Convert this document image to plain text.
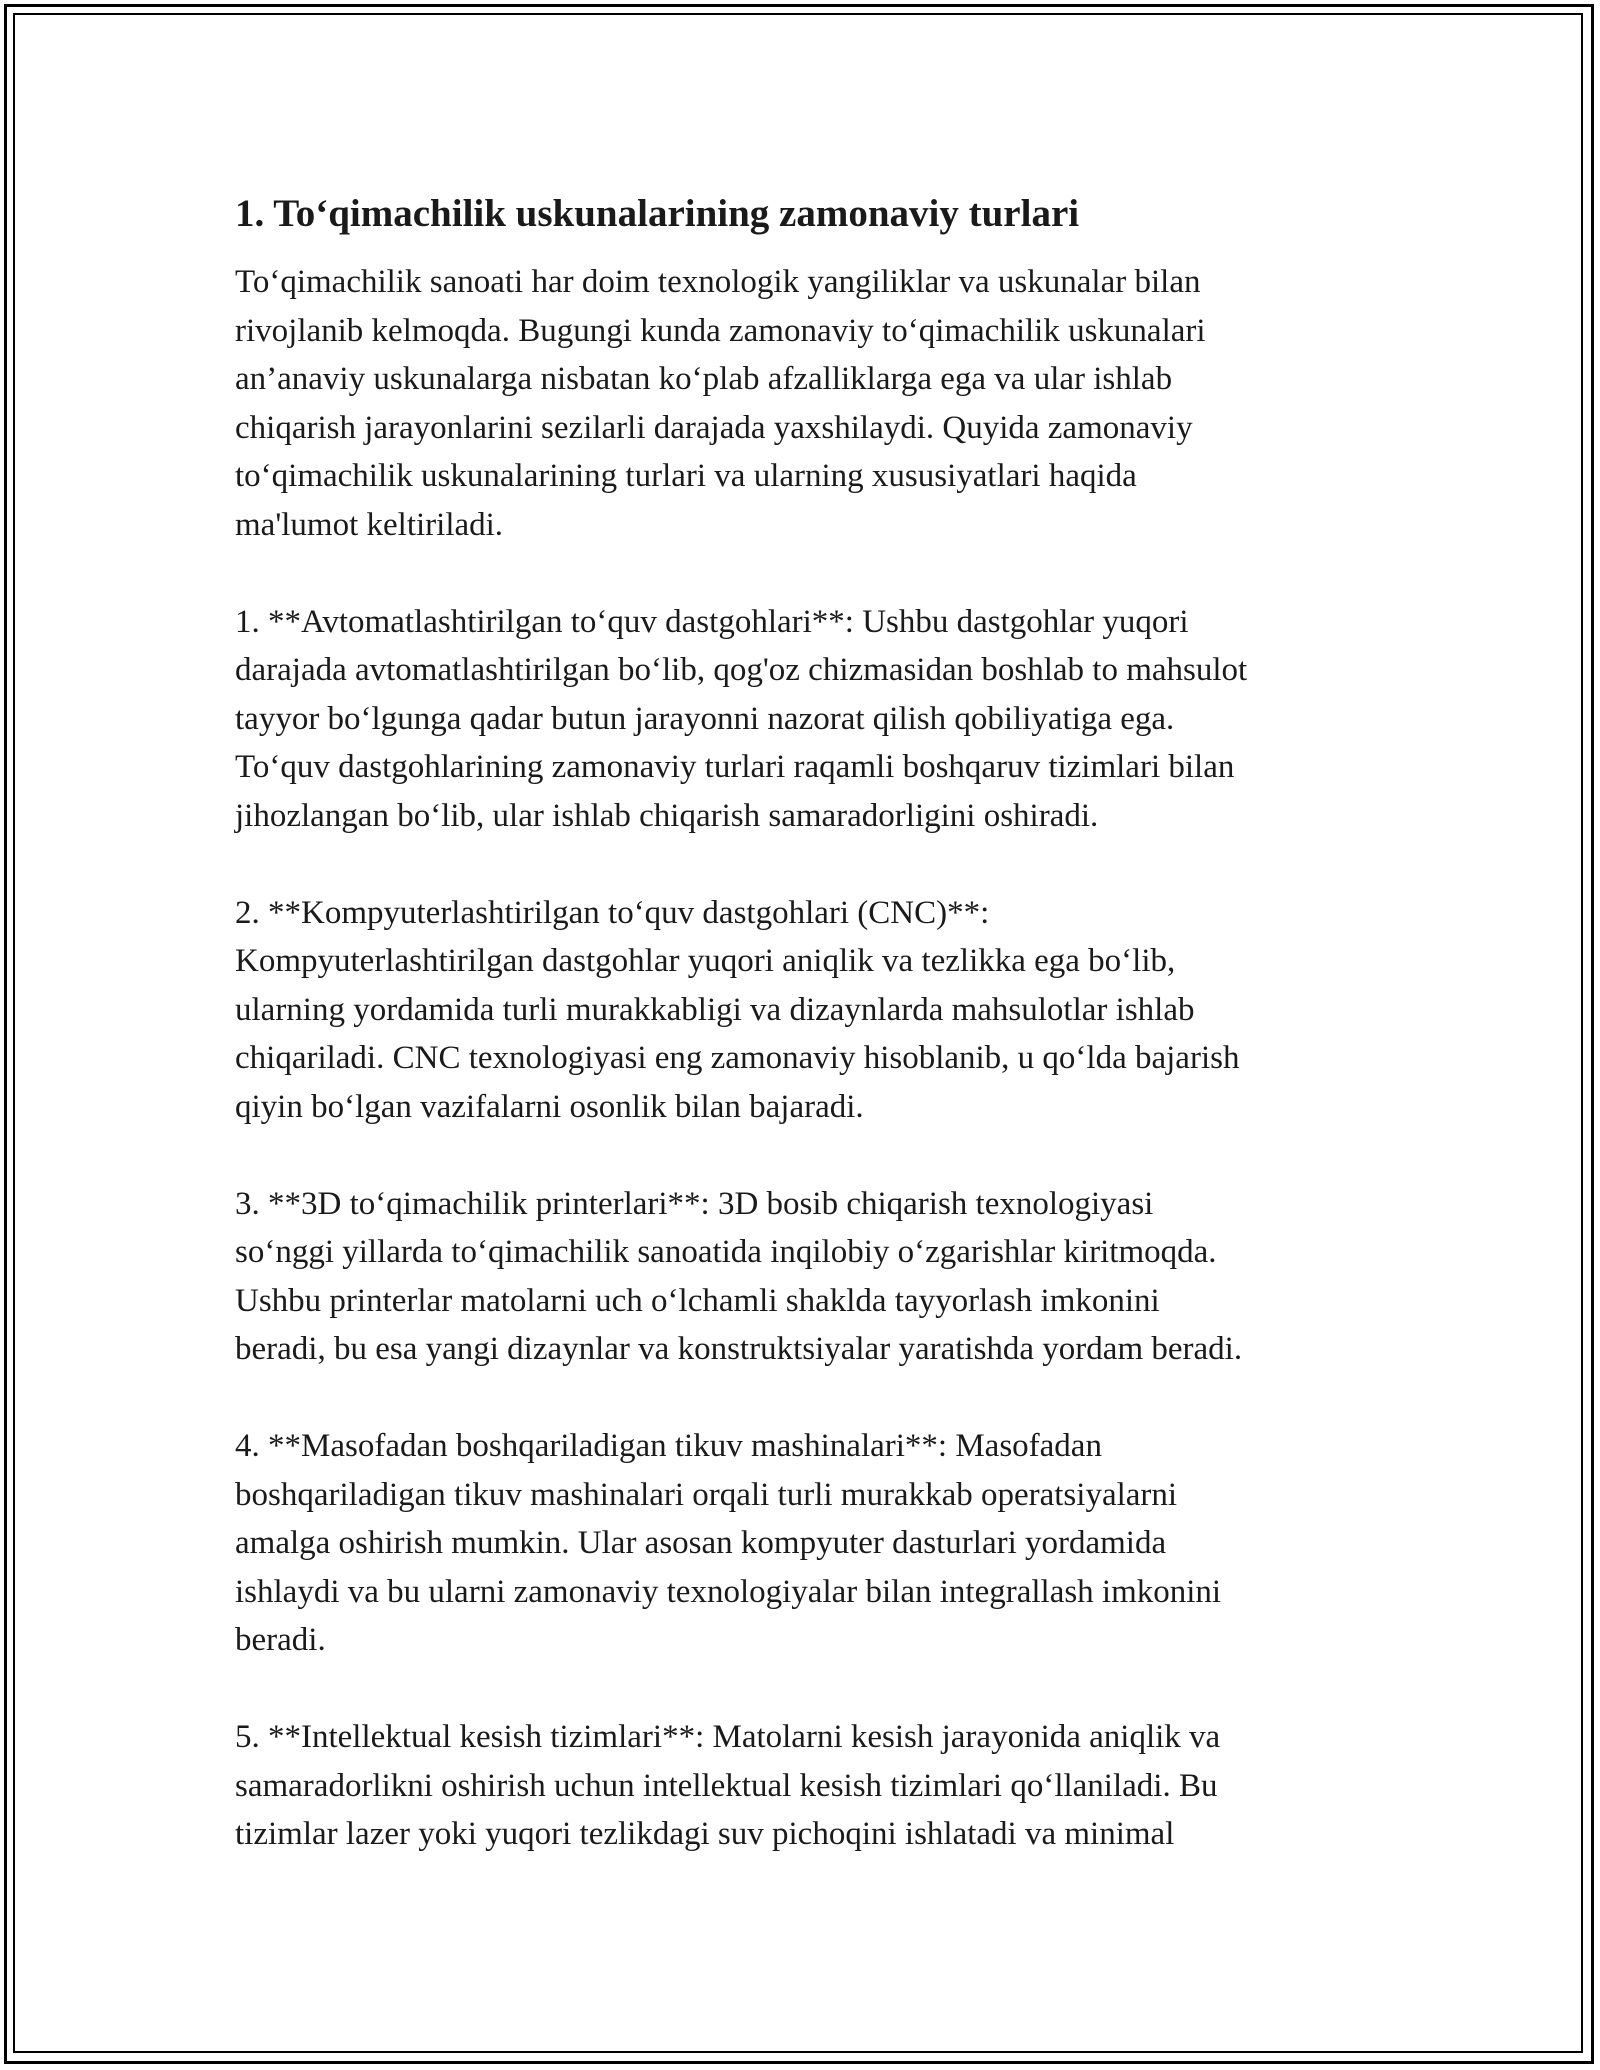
1. To‘qimachilik uskunalarining zamonaviy turlari
To‘qimachilik sanoati har doim texnologik yangiliklar va uskunalar bilan
rivojlanib kelmoqda. Bugungi kunda zamonaviy to‘qimachilik uskunalari
an’anaviy uskunalarga nisbatan ko‘plab afzalliklarga ega va ular ishlab
chiqarish jarayonlarini sezilarli darajada yaxshilaydi. Quyida zamonaviy
to‘qimachilik uskunalarining turlari va ularning xususiyatlari haqida
ma'lumot keltiriladi.
1. **Avtomatlashtirilgan to‘quv dastgohlari**: Ushbu dastgohlar yuqori
darajada avtomatlashtirilgan bo‘lib, qog'oz chizmasidan boshlab to mahsulot
tayyor bo‘lgunga qadar butun jarayonni nazorat qilish qobiliyatiga ega.
To‘quv dastgohlarining zamonaviy turlari raqamli boshqaruv tizimlari bilan
jihozlangan bo‘lib, ular ishlab chiqarish samaradorligini oshiradi.
2. **Kompyuterlashtirilgan to‘quv dastgohlari (CNC)**:
Kompyuterlashtirilgan dastgohlar yuqori aniqlik va tezlikka ega bo‘lib,
ularning yordamida turli murakkabligi va dizaynlarda mahsulotlar ishlab
chiqariladi. CNC texnologiyasi eng zamonaviy hisoblanib, u qo‘lda bajarish
qiyin bo‘lgan vazifalarni osonlik bilan bajaradi.
3. **3D to‘qimachilik printerlari**: 3D bosib chiqarish texnologiyasi
so‘nggi yillarda to‘qimachilik sanoatida inqilobiy o‘zgarishlar kiritmoqda.
Ushbu printerlar matolarni uch o‘lchamli shaklda tayyorlash imkonini
beradi, bu esa yangi dizaynlar va konstruktsiyalar yaratishda yordam beradi.
4. **Masofadan boshqariladigan tikuv mashinalari**: Masofadan
boshqariladigan tikuv mashinalari orqali turli murakkab operatsiyalarni
amalga oshirish mumkin. Ular asosan kompyuter dasturlari yordamida
ishlaydi va bu ularni zamonaviy texnologiyalar bilan integrallash imkonini
beradi.
5. **Intellektual kesish tizimlari**: Matolarni kesish jarayonida aniqlik va
samaradorlikni oshirish uchun intellektual kesish tizimlari qo‘llaniladi. Bu
tizimlar lazer yoki yuqori tezlikdagi suv pichoqini ishlatadi va minimal
